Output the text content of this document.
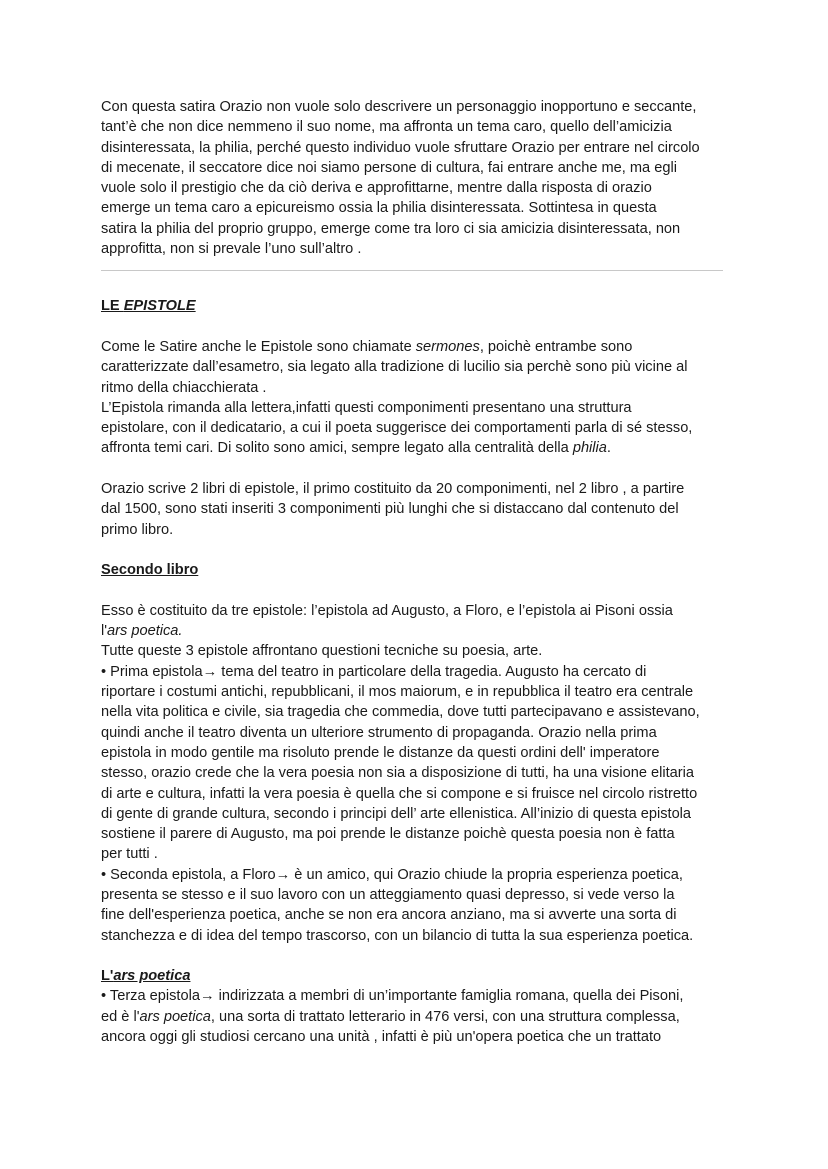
Con questa satira Orazio non vuole solo descrivere un personaggio inopportuno e seccante,

tant’è che non dice nemmeno il suo nome, ma affronta un tema caro, quello dell’amicizia

disinteressata, la philia, perché questo individuo vuole sfruttare Orazio per entrare nel circolo

di mecenate, il seccatore dice noi siamo persone di cultura, fai entrare anche me, ma egli

vuole solo il prestigio che da ciò deriva e approfittarne, mentre dalla risposta di orazio

emerge un tema caro a epicureismo ossia la philia disinteressata. Sottintesa in questa

satira la philia del proprio gruppo, emerge come tra loro ci sia amicizia disinteressata, non

approfitta, non si prevale l’uno sull’altro .

LE EPISTOLE

Come le Satire anche le Epistole sono chiamate sermones, poichè entrambe sono

caratterizzate dall’esametro, sia legato alla tradizione di lucilio sia perchè sono più vicine al

ritmo della chiacchierata .

L’Epistola rimanda alla lettera,infatti questi componimenti presentano una struttura

epistolare, con il dedicatario, a cui il poeta suggerisce dei comportamenti parla di sé stesso,

affronta temi cari. Di solito sono amici, sempre legato alla centralità della philia.

Orazio scrive 2 libri di epistole, il primo costituito da 20 componimenti, nel 2 libro , a partire

dal 1500, sono stati inseriti 3 componimenti più lunghi che si distaccano dal contenuto del

primo libro.

Secondo libro

Esso è costituito da tre epistole: l’epistola ad Augusto, a Floro, e l’epistola ai Pisoni ossia

l'ars poetica.

Tutte queste 3 epistole affrontano questioni tecniche su poesia, arte.

• Prima epistola→ tema del teatro in particolare della tragedia. Augusto ha cercato di

riportare i costumi antichi, repubblicani, il mos maiorum, e in repubblica il teatro era centrale

nella vita politica e civile, sia tragedia che commedia, dove tutti partecipavano e assistevano,

quindi anche il teatro diventa un ulteriore strumento di propaganda. Orazio nella prima

epistola in modo gentile ma risoluto prende le distanze da questi ordini dell' imperatore

stesso, orazio crede che la vera poesia non sia a disposizione di tutti, ha una visione elitaria

di arte e cultura, infatti la vera poesia è quella che si compone e si fruisce nel circolo ristretto

di gente di grande cultura, secondo i principi dell’ arte ellenistica. All’inizio di questa epistola

sostiene il parere di Augusto, ma poi prende le distanze poichè questa poesia non è fatta

per tutti .

• Seconda epistola, a Floro→ è un amico, qui Orazio chiude la propria esperienza poetica,

presenta se stesso e il suo lavoro con un atteggiamento quasi depresso, si vede verso la

fine dell'esperienza poetica, anche se non era ancora anziano, ma si avverte una sorta di

stanchezza e di idea del tempo trascorso, con un bilancio di tutta la sua esperienza poetica.

L'ars poetica

• Terza epistola→ indirizzata a membri di un’importante famiglia romana, quella dei Pisoni,

ed è l'ars poetica, una sorta di trattato letterario in 476 versi, con una struttura complessa,

ancora oggi gli studiosi cercano una unità , infatti è più un'opera poetica che un trattato
